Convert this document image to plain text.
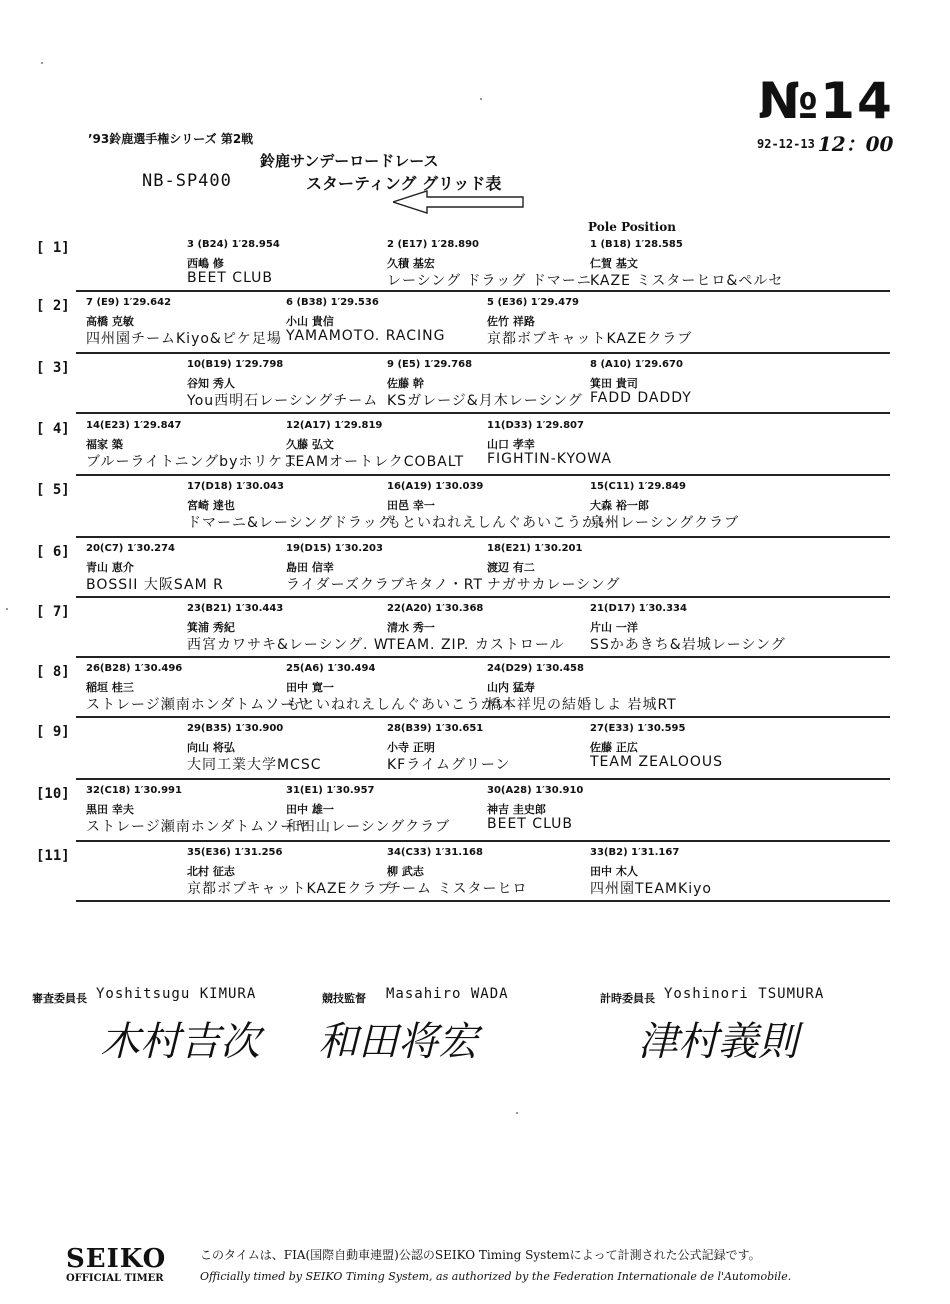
№14
92-12-13 12：00
’93鈴鹿選手権シリーズ 第2戦
鈴鹿サンデーロードレース
NB-SP400	スターティング グリッド表
Pole Position
[ 1]	3 (B24) 1′28.954
西嶋 修
BEET CLUB
2 (E17) 1′28.890
久積 基宏
レーシング ドラッグ ドマーニ
1 (B18) 1′28.585
仁賀 基文
KAZE ミスターヒロ&ペルセ
[ 2] 7 (E9) 1′29.642
高橋 克敏
四州園チームKiyo&ピケ足場
6 (B38) 1′29.536
小山 貴信
YAMAMOTO. RACING
5 (E36) 1′29.479
佐竹 祥路
京都ボブキャットKAZEクラブ
[ 3]	10(B19) 1′29.798
谷知 秀人
You西明石レーシングチーム
9 (E5) 1′29.768
佐藤 幹
KSガレージ&月木レーシング
8 (A10) 1′29.670
箕田 貴司
FADD DADDY
[ 4] 14(E23) 1′29.847
福家 築
ブルーライトニングbyホリケよ
12(A17) 1′29.819
久藤 弘文
TEAMオートレクCOBALT
11(D33) 1′29.807
山口 孝幸
FIGHTIN-KYOWA
[ 5]	17(D18) 1′30.043
宮崎 達也
ドマーニ&レーシングドラッグ
16(A19) 1′30.039
田邑 幸一
もといねれえしんぐあいこうかい
15(C11) 1′29.849
大森 裕一郎
泉州レーシングクラブ
[ 6] 20(C7) 1′30.274
青山 恵介
BOSSII 大阪SAM R
19(D15) 1′30.203
島田 信幸
ライダーズクラブキタノ・RT
18(E21) 1′30.201
渡辺 有二
ナガサカレーシング
[ 7]	23(B21) 1′30.443
箕浦 秀紀
西宮カワサキ&レーシング. W
22(A20) 1′30.368
清水 秀一
TEAM. ZIP. カストロール
21(D17) 1′30.334
片山 一洋
SSかあきち&岩城レーシング
[ 8] 26(B28) 1′30.496
稲垣 桂三
ストレージ瀬南ホンダトムソーヤ
25(A6) 1′30.494
田中 寛一
もといねれえしんぐあいこうかい
24(D29) 1′30.458
山内 猛寿
橋本祥児の結婚しよ 岩城RT
[ 9]	29(B35) 1′30.900
向山 将弘
大同工業大学MCSC
28(B39) 1′30.651
小寺 正明
KFライムグリーン
27(E33) 1′30.595
佐藤 正広
TEAM ZEALOOUS
[10] 32(C18) 1′30.991
黒田 幸夫
ストレージ瀬南ホンダトムソーヤ
31(E1) 1′30.957
田中 雄一
和田山レーシングクラブ
30(A28) 1′30.910
神吉 圭史郎
BEET CLUB
[11]	35(E36) 1′31.256
北村 征志
京都ボブキャットKAZEクラブ
34(C33) 1′31.168
柳 武志
チーム ミスターヒロ
33(B2) 1′31.167
田中 木人
四州園TEAMKiyo
審査委員長 Yoshitsugu KIMURA
木村吉次
競技監督 Masahiro WADA
和田将宏
計時委員長 Yoshinori TSUMURA
津村義則
SEIKO
OFFICIAL TIMER
このタイムは、FIA(国際自動車連盟)公認のSEIKO Timing Systemによって計測された公式記録です。
Officially timed by SEIKO Timing System, as authorized by the Federation Internationale de l'Automobile.
